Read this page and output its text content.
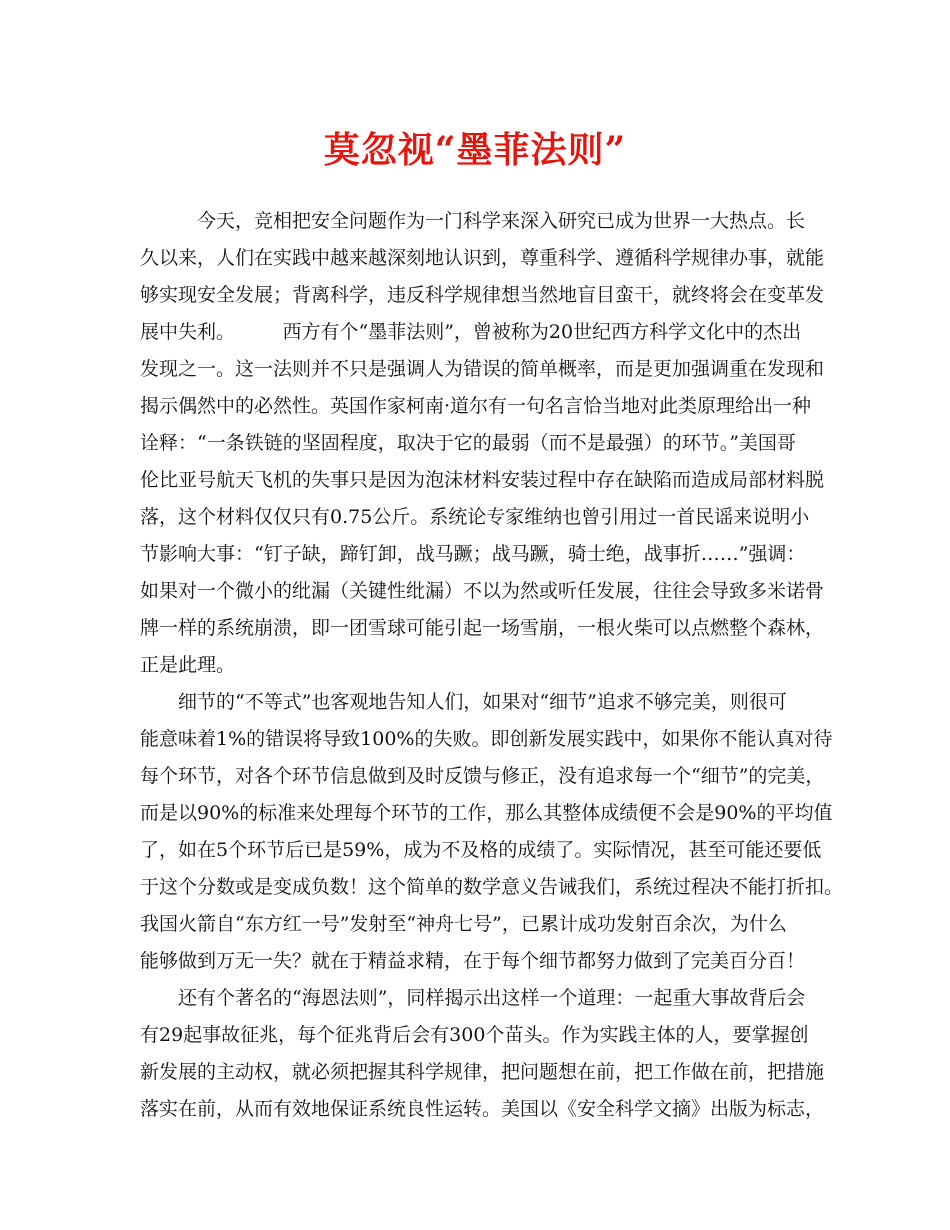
莫忽视“墨菲法则”
　　　今天，竞相把安全问题作为一门科学来深入研究已成为世界一大热点。长
久以来，人们在实践中越来越深刻地认识到，尊重科学、遵循科学规律办事，就能
够实现安全发展；背离科学，违反科学规律想当然地盲目蛮干，就终将会在变革发
展中失利。　　　西方有个“墨菲法则”，曾被称为20世纪西方科学文化中的杰出
发现之一。这一法则并不只是强调人为错误的简单概率，而是更加强调重在发现和
揭示偶然中的必然性。英国作家柯南·道尔有一句名言恰当地对此类原理给出一种
诠释：“一条铁链的坚固程度，取决于它的最弱（而不是最强）的环节。”美国哥
伦比亚号航天飞机的失事只是因为泡沫材料安装过程中存在缺陷而造成局部材料脱
落，这个材料仅仅只有0.75公斤。系统论专家维纳也曾引用过一首民谣来说明小
节影响大事：“钉子缺，蹄钉卸，战马蹶；战马蹶，骑士绝，战事折……”强调：
如果对一个微小的纰漏（关键性纰漏）不以为然或听任发展，往往会导致多米诺骨
牌一样的系统崩溃，即一团雪球可能引起一场雪崩，一根火柴可以点燃整个森林，
正是此理。
　　细节的“不等式”也客观地告知人们，如果对“细节”追求不够完美，则很可
能意味着1%的错误将导致100%的失败。即创新发展实践中，如果你不能认真对待
每个环节，对各个环节信息做到及时反馈与修正，没有追求每一个“细节”的完美，
而是以90%的标准来处理每个环节的工作，那么其整体成绩便不会是90%的平均值
了，如在5个环节后已是59%，成为不及格的成绩了。实际情况，甚至可能还要低
于这个分数或是变成负数！这个简单的数学意义告诫我们，系统过程决不能打折扣。
我国火箭自“东方红一号”发射至“神舟七号”，已累计成功发射百余次，为什么
能够做到万无一失？就在于精益求精，在于每个细节都努力做到了完美百分百！
　　还有个著名的“海恩法则”，同样揭示出这样一个道理：一起重大事故背后会
有29起事故征兆，每个征兆背后会有300个苗头。作为实践主体的人，要掌握创
新发展的主动权，就必须把握其科学规律，把问题想在前，把工作做在前，把措施
落实在前，从而有效地保证系统良性运转。美国以《安全科学文摘》出版为标志，
